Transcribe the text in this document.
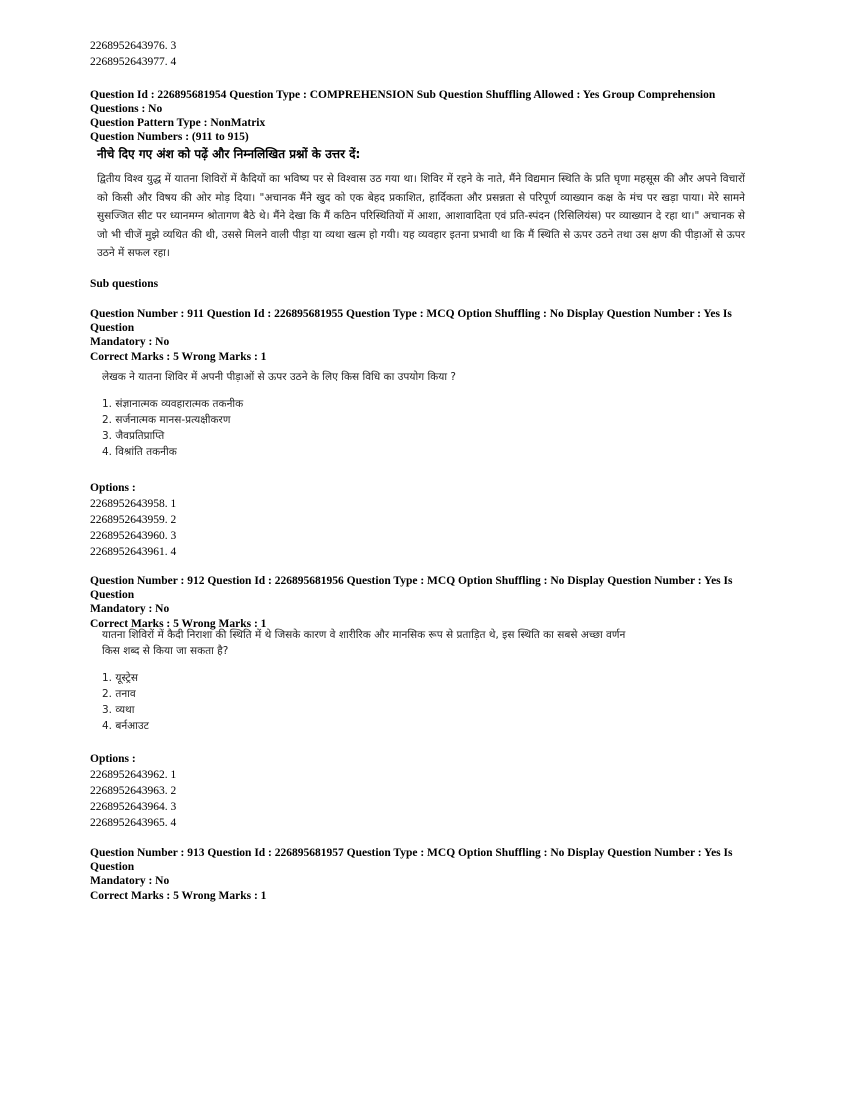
2268952643976. 3
2268952643977. 4
Question Id : 226895681954 Question Type : COMPREHENSION Sub Question Shuffling Allowed : Yes Group Comprehension Questions : No
Question Pattern Type : NonMatrix
Question Numbers : (911 to 915)
नीचे दिए गए अंश को पढ़ें और निम्नलिखित प्रश्नों के उत्तर दें:
द्वितीय विश्व युद्ध में यातना शिविरों में कैदियों का भविष्य पर से विश्वास उठ गया था। शिविर में रहने के नाते, मैंने विद्यमान स्थिति के प्रति घृणा महसूस की और अपने विचारों को किसी और विषय की ओर मोड़ दिया। "अचानक मैंने खुद को एक बेहद प्रकाशित, हार्दिकता और प्रसन्नता से परिपूर्ण व्याख्यान कक्ष के मंच पर खड़ा पाया। मेरे सामने सुसज्जित सीट पर ध्यानमग्न श्रोतागण बैठे थे। मैंने देखा कि मैं कठिन परिस्थितियों में आशा, आशावादिता एवं प्रति-स्पंदन (रिसिलियंस) पर व्याख्यान दे रहा था।" अचानक से जो भी चीजें मुझे व्यथित की थी, उससे मिलने वाली पीड़ा या व्यथा खत्म हो गयी। यह व्यवहार इतना प्रभावी था कि मैं स्थिति से ऊपर उठने तथा उस क्षण की पीड़ाओं से ऊपर उठने में सफल रहा।
Sub questions
Question Number : 911 Question Id : 226895681955 Question Type : MCQ Option Shuffling : No Display Question Number : Yes Is Question
Mandatory : No
Correct Marks : 5 Wrong Marks : 1
लेखक ने यातना शिविर में अपनी पीड़ाओं से ऊपर उठने के लिए किस विधि का उपयोग किया ?
1. संज्ञानात्मक व्यवहारात्मक तकनीक
2. सर्जनात्मक मानस-प्रत्यक्षीकरण
3. जैवप्रतिप्राप्ति
4. विश्रांति तकनीक
Options :
2268952643958. 1
2268952643959. 2
2268952643960. 3
2268952643961. 4
Question Number : 912 Question Id : 226895681956 Question Type : MCQ Option Shuffling : No Display Question Number : Yes Is Question
Mandatory : No
Correct Marks : 5 Wrong Marks : 1
यातना शिविरों में कैदी निराशा की स्थिति में थे जिसके कारण वे शारीरिक और मानसिक रूप से प्रताड़ित थे, इस स्थिति का सबसे अच्छा वर्णन
किस शब्द से किया जा सकता है?
1. यूस्ट्रेस
2. तनाव
3. व्यथा
4. बर्नआउट
Options :
2268952643962. 1
2268952643963. 2
2268952643964. 3
2268952643965. 4
Question Number : 913 Question Id : 226895681957 Question Type : MCQ Option Shuffling : No Display Question Number : Yes Is Question
Mandatory : No
Correct Marks : 5 Wrong Marks : 1
